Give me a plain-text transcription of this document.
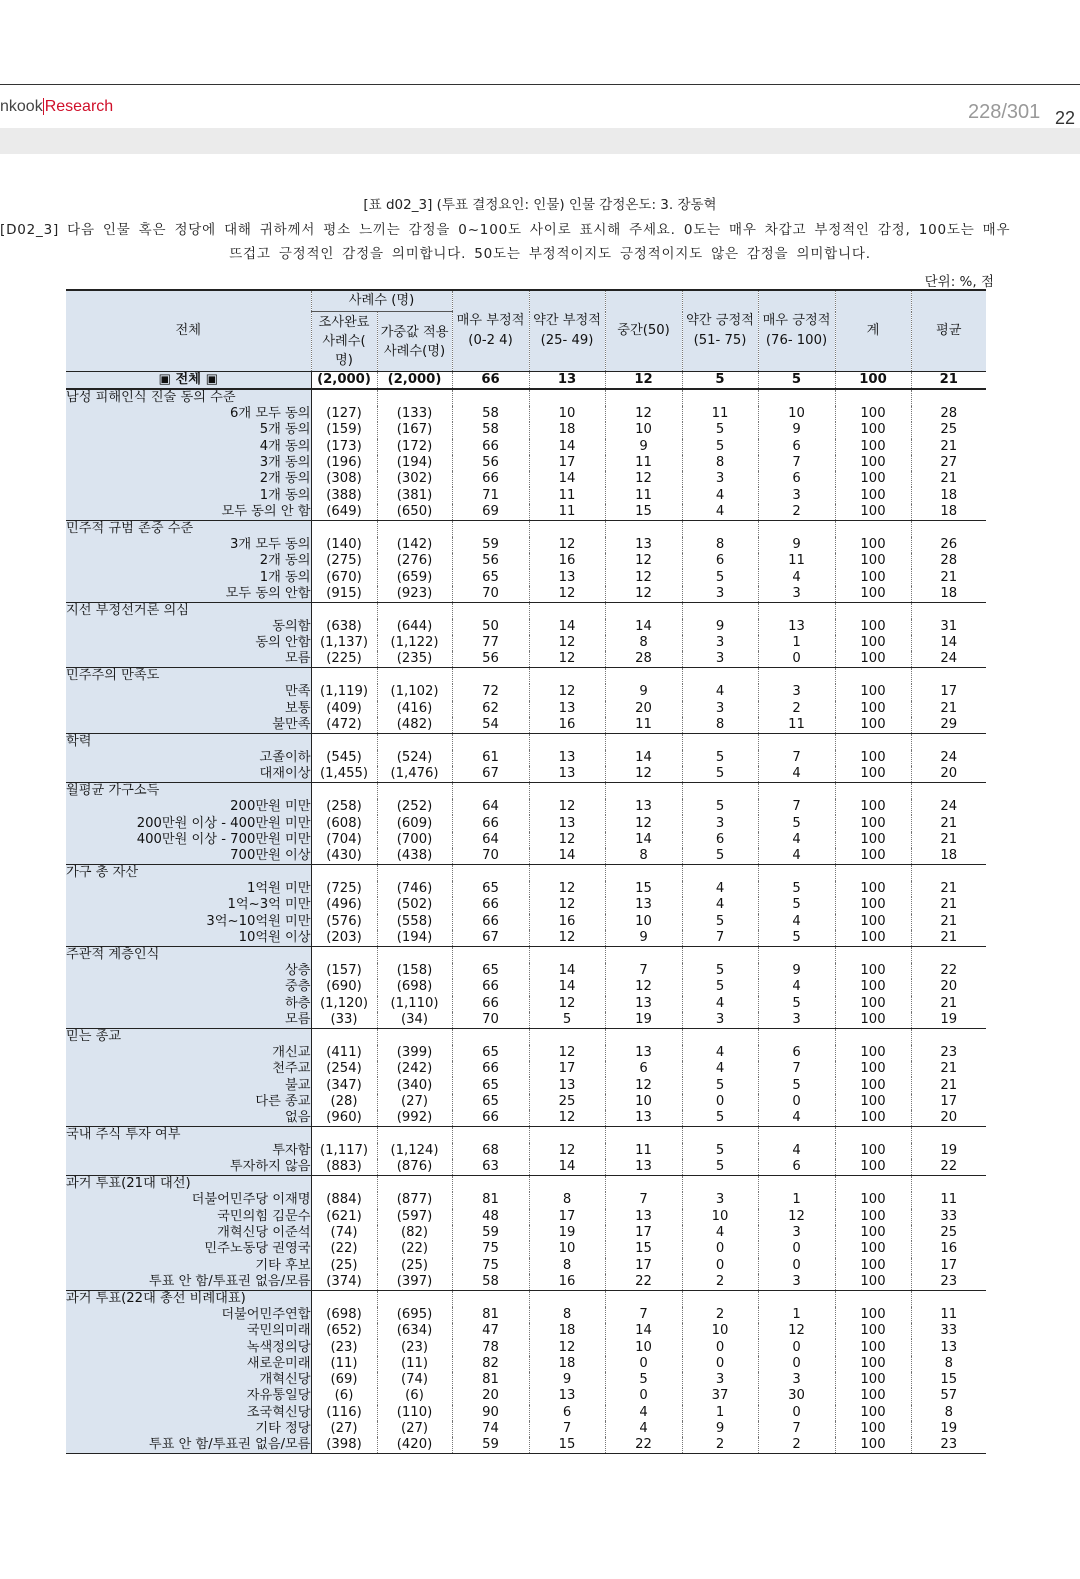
nkook Research	228/301 22
[표 d02_3] (투표 결정요인: 인물) 인물 감정온도: 3. 장동혁
[D02_3] 다음 인물 혹은 정당에 대해 귀하께서 평소 느끼는 감정을 0~100도 사이로 표시해 주세요. 0도는 매우 차갑고 부정적인 감정, 100도는 매우
뜨겁고 긍정적인 감정을 의미합니다. 50도는 부정적이지도 긍정적이지도 않은 감정을 의미합니다.
단위: %, 점
전체	사례수 (명)		매우 부정적(0-2 4)	약간 부정적(25- 49)	중간(50)	약간 긍정적(51- 75)	매우 긍정적(76- 100)	계	평균
	조사완료 사례수( 명)	가중값 적용 사례수(명)							
▣ 전체 ▣	(2,000)	(2,000)	66	13	12	5	5	100	21
남성 피해인식 진술 동의 수준									
6개 모두 동의	(127)	(133)	58	10	12	11	10	100	28
5개 동의	(159)	(167)	58	18	10	5	9	100	25
4개 동의	(173)	(172)	66	14	9	5	6	100	21
3개 동의	(196)	(194)	56	17	11	8	7	100	27
2개 동의	(308)	(302)	66	14	12	3	6	100	21
1개 동의	(388)	(381)	71	11	11	4	3	100	18
모두 동의 안 함	(649)	(650)	69	11	15	4	2	100	18
민주적 규범 존중 수준									
3개 모두 동의	(140)	(142)	59	12	13	8	9	100	26
2개 동의	(275)	(276)	56	16	12	6	11	100	28
1개 동의	(670)	(659)	65	13	12	5	4	100	21
모두 동의 안함	(915)	(923)	70	12	12	3	3	100	18
지선 부정선거론 의심									
동의함	(638)	(644)	50	14	14	9	13	100	31
동의 안함	(1,137)	(1,122)	77	12	8	3	1	100	14
모름	(225)	(235)	56	12	28	3	0	100	24
민주주의 만족도									
만족	(1,119)	(1,102)	72	12	9	4	3	100	17
보통	(409)	(416)	62	13	20	3	2	100	21
불만족	(472)	(482)	54	16	11	8	11	100	29
학력									
고졸이하	(545)	(524)	61	13	14	5	7	100	24
대재이상	(1,455)	(1,476)	67	13	12	5	4	100	20
월평균 가구소득									
200만원 미만	(258)	(252)	64	12	13	5	7	100	24
200만원 이상 - 400만원 미만	(608)	(609)	66	13	12	3	5	100	21
400만원 이상 - 700만원 미만	(704)	(700)	64	12	14	6	4	100	21
700만원 이상	(430)	(438)	70	14	8	5	4	100	18
가구 총 자산									
1억원 미만	(725)	(746)	65	12	15	4	5	100	21
1억~3억 미만	(496)	(502)	66	12	13	4	5	100	21
3억~10억원 미만	(576)	(558)	66	16	10	5	4	100	21
10억원 이상	(203)	(194)	67	12	9	7	5	100	21
주관적 계층인식									
상층	(157)	(158)	65	14	7	5	9	100	22
중층	(690)	(698)	66	14	12	5	4	100	20
하층	(1,120)	(1,110)	66	12	13	4	5	100	21
모름	(33)	(34)	70	5	19	3	3	100	19
믿는 종교									
개신교	(411)	(399)	65	12	13	4	6	100	23
천주교	(254)	(242)	66	17	6	4	7	100	21
불교	(347)	(340)	65	13	12	5	5	100	21
다른 종교	(28)	(27)	65	25	10	0	0	100	17
없음	(960)	(992)	66	12	13	5	4	100	20
국내 주식 투자 여부									
투자함	(1,117)	(1,124)	68	12	11	5	4	100	19
투자하지 않음	(883)	(876)	63	14	13	5	6	100	22
과거 투표(21대 대선)									
더불어민주당 이재명	(884)	(877)	81	8	7	3	1	100	11
국민의힘 김문수	(621)	(597)	48	17	13	10	12	100	33
개혁신당 이준석	(74)	(82)	59	19	17	4	3	100	25
민주노동당 권영국	(22)	(22)	75	10	15	0	0	100	16
기타 후보	(25)	(25)	75	8	17	0	0	100	17
투표 안 함/투표권 없음/모름	(374)	(397)	58	16	22	2	3	100	23
과거 투표(22대 총선 비례대표)									
더불어민주연합	(698)	(695)	81	8	7	2	1	100	11
국민의미래	(652)	(634)	47	18	14	10	12	100	33
녹색정의당	(23)	(23)	78	12	10	0	0	100	13
새로운미래	(11)	(11)	82	18	0	0	0	100	8
개혁신당	(69)	(74)	81	9	5	3	3	100	15
자유통일당	(6)	(6)	20	13	0	37	30	100	57
조국혁신당	(116)	(110)	90	6	4	1	0	100	8
기타 정당	(27)	(27)	74	7	4	9	7	100	19
투표 안 함/투표권 없음/모름	(398)	(420)	59	15	22	2	2	100	23
